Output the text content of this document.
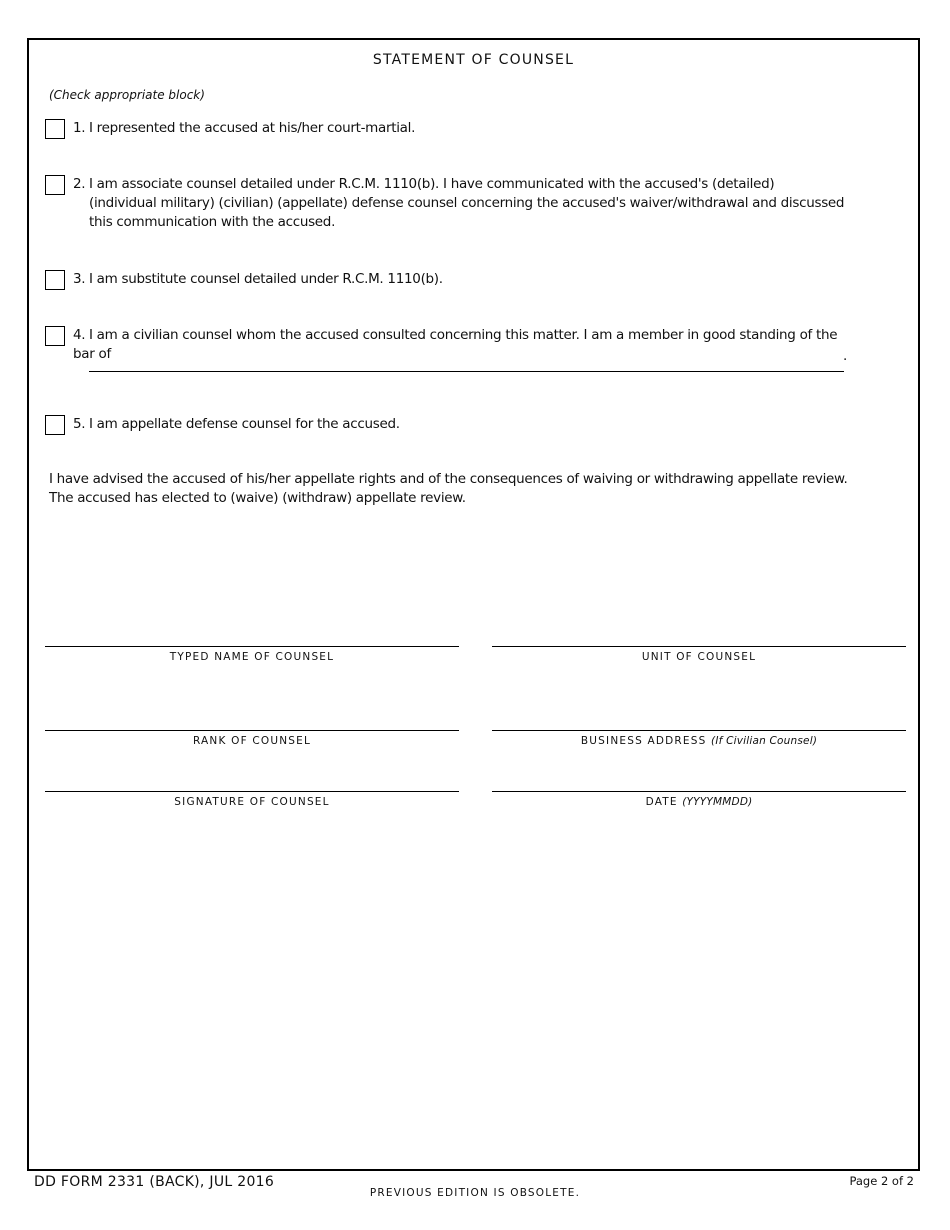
STATEMENT OF COUNSEL
(Check appropriate block)
1. I represented the accused at his/her court-martial.
2. I am associate counsel detailed under R.C.M. 1110(b). I have communicated with the accused's (detailed)
(individual military) (civilian) (appellate) defense counsel concerning the accused's waiver/withdrawal and discussed this communication with the accused.
3. I am substitute counsel detailed under R.C.M. 1110(b).
4. I am a civilian counsel whom the accused consulted concerning this matter. I am a member in good standing of the bar of	.
5. I am appellate defense counsel for the accused.
I have advised the accused of his/her appellate rights and of the consequences of waiving or withdrawing appellate review.
The accused has elected to (waive) (withdraw) appellate review.
TYPED NAME OF COUNSEL
RANK OF COUNSEL
SIGNATURE OF COUNSEL
UNIT OF COUNSEL
BUSINESS ADDRESS (If Civilian Counsel)
DATE (YYYYMMDD)
DD FORM 2331 (BACK), JUL 2016
PREVIOUS EDITION IS OBSOLETE.
Page 2 of 2
